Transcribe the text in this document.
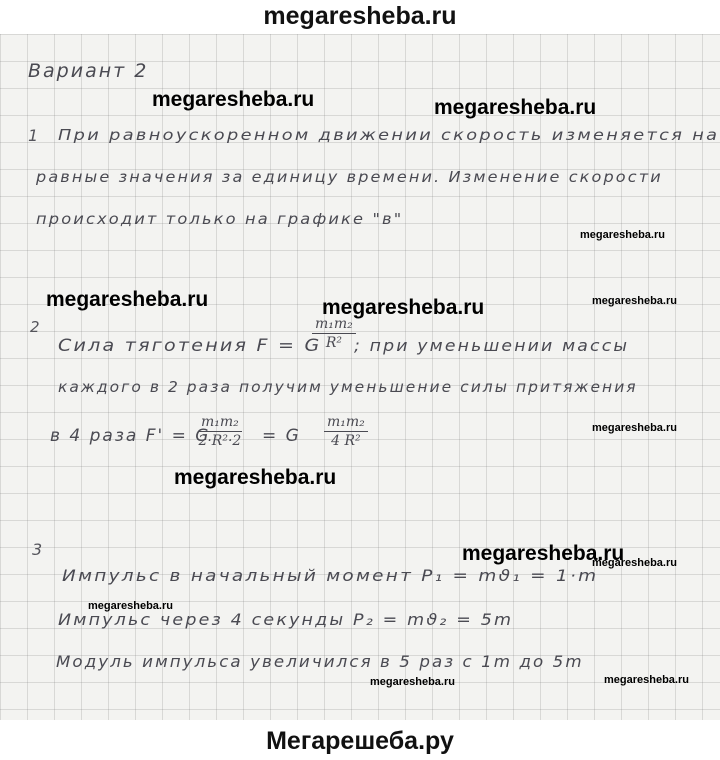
megaresheba.ru
Вариант 2
1 При равноускоренном движении скорость изменяется на
равные значения за единицу времени. Изменение скорости
происходит только на графике "в"
2
Сила тяготения F = G
$\frac{\text{m₁m₂}}{\text{R²}}$
; при уменьшении массы
каждого в 2 раза получим уменьшение силы притяжения
в 4 раза F' = G
$\frac{\text{m₁m₂}}{\text{2·R²·2}} = G \frac{\text{m₁m₂}}{\text{4 R²}}$
3
Импульс в начальный момент P₁ = mϑ₁ = 1·m
Импульс через 4 секунды P₂ = mϑ₂ = 5m
Модуль импульса увеличился в 5 раз с 1m до 5m
megaresheba.ru	megaresheba.ru
megaresheba.ru
megaresheba.ru	megaresheba.ru	megaresheba.ru
megaresheba.ru
megaresheba.ru
megaresheba.ru
megaresheba.ru
megaresheba.ru
megaresheba.ru	megaresheba.ru
Мегарешеба.ру
